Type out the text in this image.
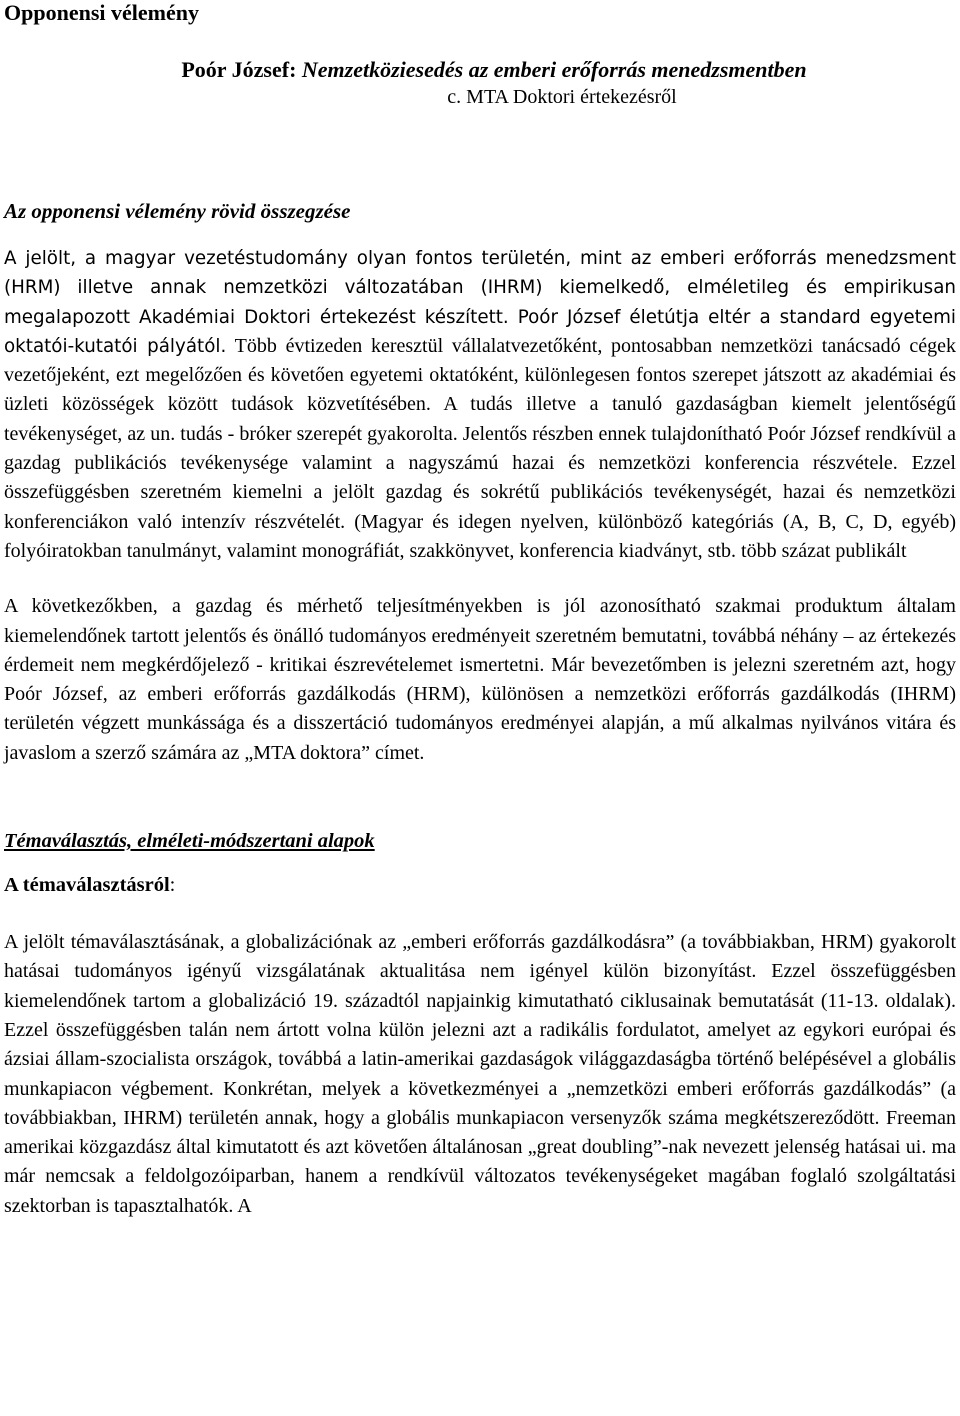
Opponensi vélemény

Poór József: Nemzetköziesedés az emberi erőforrás menedzsmentben

c. MTA Doktori értekezésről

Az opponensi vélemény rövid összegzése

A jelölt, a magyar vezetéstudomány olyan fontos területén, mint az emberi erőforrás menedzsment (HRM) illetve annak nemzetközi változatában (IHRM) kiemelkedő, elméletileg és empirikusan megalapozott Akadémiai Doktori értekezést készített. Poór József életútja eltér a standard egyetemi oktatói-kutatói pályától. Több évtizeden keresztül vállalatvezetőként, pontosabban nemzetközi tanácsadó cégek vezetőjeként, ezt megelőzően és követően egyetemi oktatóként, különlegesen fontos szerepet játszott az akadémiai és üzleti közösségek között tudások közvetítésében. A tudás illetve a tanuló gazdaságban kiemelt jelentőségű tevékenységet, az un. tudás - bróker szerepét gyakorolta. Jelentős részben ennek tulajdonítható Poór József rendkívül a gazdag publikációs tevékenysége valamint a nagyszámú hazai és nemzetközi konferencia részvétele. Ezzel összefüggésben szeretném kiemelni a jelölt gazdag és sokrétű publikációs tevékenységét, hazai és nemzetközi konferenciákon való intenzív részvételét. (Magyar és idegen nyelven, különböző kategóriás (A, B, C, D, egyéb) folyóiratokban tanulmányt, valamint monográfiát, szakkönyvet, konferencia kiadványt, stb. több százat publikált

A következőkben, a gazdag és mérhető teljesítményekben is jól azonosítható szakmai produktum általam kiemelendőnek tartott jelentős és önálló tudományos eredményeit szeretném bemutatni, továbbá néhány – az értekezés érdemeit nem megkérdőjelező - kritikai észrevételemet ismertetni. Már bevezetőmben is jelezni szeretném azt, hogy Poór József, az emberi erőforrás gazdálkodás (HRM), különösen a nemzetközi erőforrás gazdálkodás (IHRM) területén végzett munkássága és a disszertáció tudományos eredményei alapján, a mű alkalmas nyilvános vitára és javaslom a szerző számára az „MTA doktora” címet.

Témaválasztás, elméleti-módszertani alapok

A témaválasztásról:

A jelölt témaválasztásának, a globalizációnak az „emberi erőforrás gazdálkodásra” (a továbbiakban, HRM) gyakorolt hatásai tudományos igényű vizsgálatának aktualitása nem igényel külön bizonyítást. Ezzel összefüggésben kiemelendőnek tartom a globalizáció 19. századtól napjainkig kimutatható ciklusainak bemutatását (11-13. oldalak). Ezzel összefüggésben talán nem ártott volna külön jelezni azt a radikális fordulatot, amelyet az egykori európai és ázsiai állam-szocialista országok, továbbá a latin-amerikai gazdaságok világgazdaságba történő belépésével a globális munkapiacon végbement. Konkrétan, melyek a következményei a „nemzetközi emberi erőforrás gazdálkodás” (a továbbiakban, IHRM) területén annak, hogy a globális munkapiacon versenyzők száma megkétszereződött. Freeman amerikai közgazdász által kimutatott és azt követően általánosan „great doubling”-nak nevezett jelenség hatásai ui. ma már nemcsak a feldolgozóiparban, hanem a rendkívül változatos tevékenységeket magában foglaló szolgáltatási szektorban is tapasztalhatók. A
